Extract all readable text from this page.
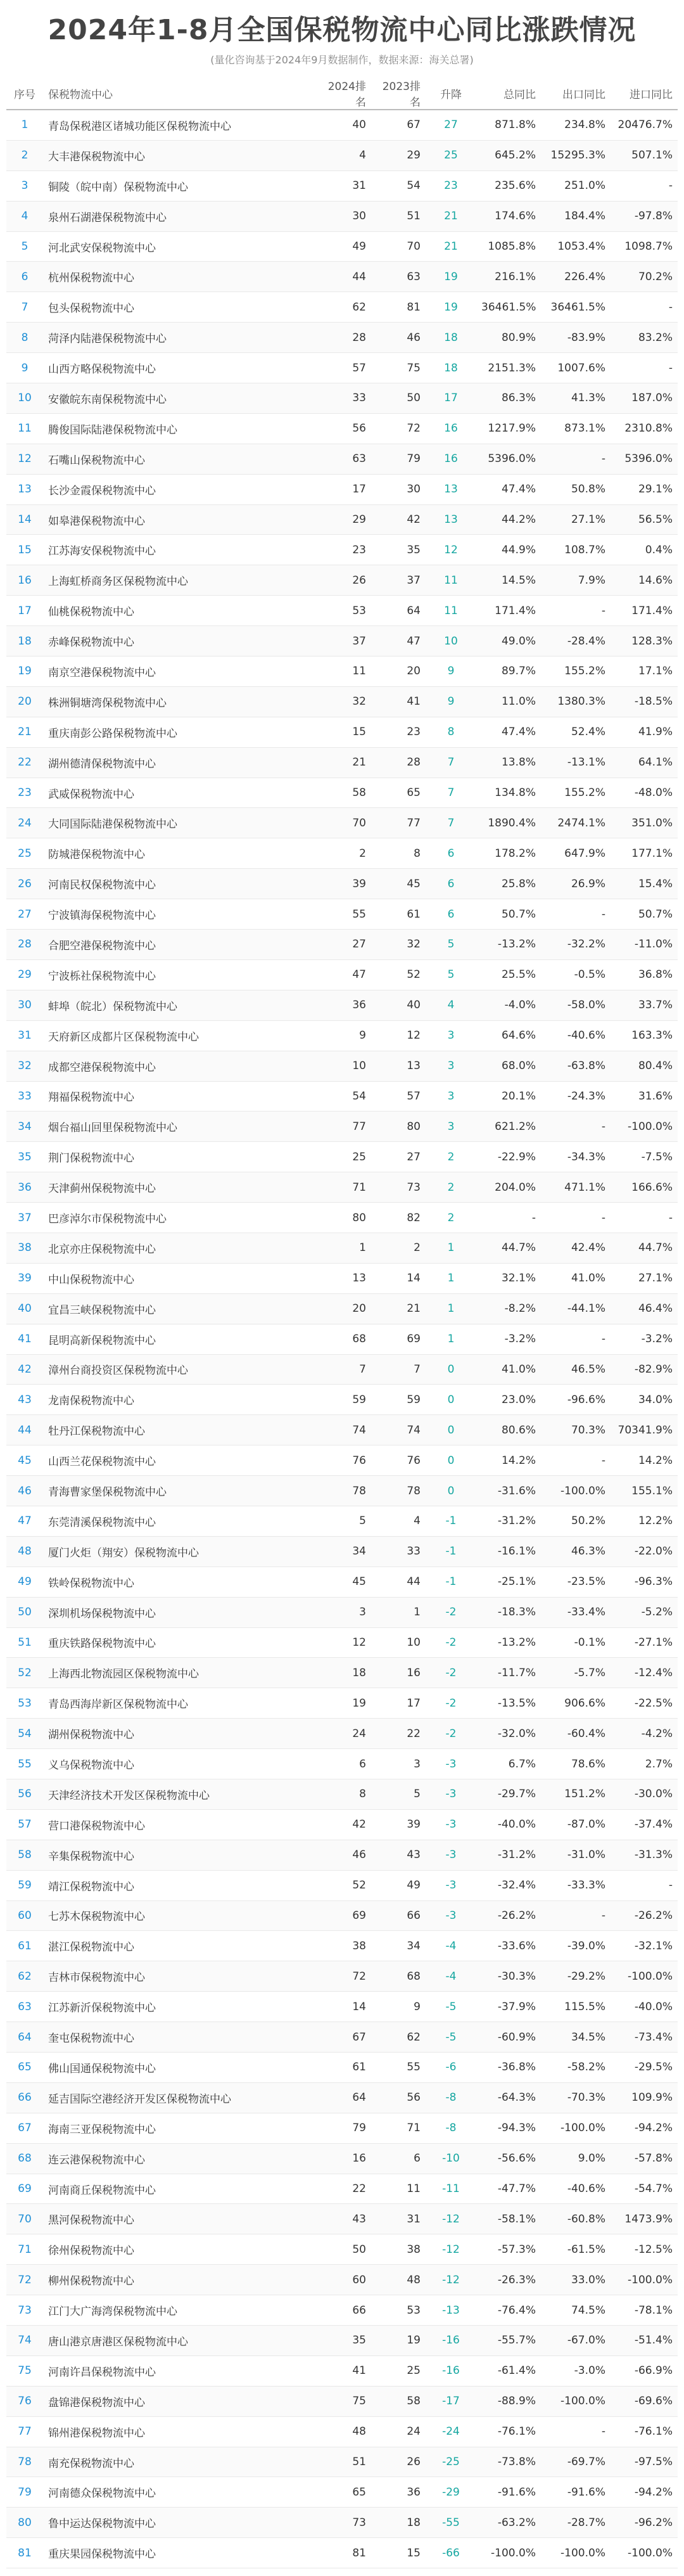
2024年1-8月全国保税物流中心同比涨跌情况
(量化咨询基于2024年9月数据制作，数据来源：海关总署)
序号	保税物流中心	2024排名	2023排名	升降	总同比	出口同比	进口同比
1	青岛保税港区诸城功能区保税物流中心	40	67	27	871.8%	234.8%	20476.7%
2	大丰港保税物流中心	4	29	25	645.2%	15295.3%	507.1%
3	铜陵（皖中南）保税物流中心	31	54	23	235.6%	251.0%	-
4	泉州石湖港保税物流中心	30	51	21	174.6%	184.4%	-97.8%
5	河北武安保税物流中心	49	70	21	1085.8%	1053.4%	1098.7%
6	杭州保税物流中心	44	63	19	216.1%	226.4%	70.2%
7	包头保税物流中心	62	81	19	36461.5%	36461.5%	-
8	菏泽内陆港保税物流中心	28	46	18	80.9%	-83.9%	83.2%
9	山西方略保税物流中心	57	75	18	2151.3%	1007.6%	-
10	安徽皖东南保税物流中心	33	50	17	86.3%	41.3%	187.0%
11	腾俊国际陆港保税物流中心	56	72	16	1217.9%	873.1%	2310.8%
12	石嘴山保税物流中心	63	79	16	5396.0%	-	5396.0%
13	长沙金霞保税物流中心	17	30	13	47.4%	50.8%	29.1%
14	如皋港保税物流中心	29	42	13	44.2%	27.1%	56.5%
15	江苏海安保税物流中心	23	35	12	44.9%	108.7%	0.4%
16	上海虹桥商务区保税物流中心	26	37	11	14.5%	7.9%	14.6%
17	仙桃保税物流中心	53	64	11	171.4%	-	171.4%
18	赤峰保税物流中心	37	47	10	49.0%	-28.4%	128.3%
19	南京空港保税物流中心	11	20	9	89.7%	155.2%	17.1%
20	株洲铜塘湾保税物流中心	32	41	9	11.0%	1380.3%	-18.5%
21	重庆南彭公路保税物流中心	15	23	8	47.4%	52.4%	41.9%
22	湖州德清保税物流中心	21	28	7	13.8%	-13.1%	64.1%
23	武威保税物流中心	58	65	7	134.8%	155.2%	-48.0%
24	大同国际陆港保税物流中心	70	77	7	1890.4%	2474.1%	351.0%
25	防城港保税物流中心	2	8	6	178.2%	647.9%	177.1%
26	河南民权保税物流中心	39	45	6	25.8%	26.9%	15.4%
27	宁波镇海保税物流中心	55	61	6	50.7%	-	50.7%
28	合肥空港保税物流中心	27	32	5	-13.2%	-32.2%	-11.0%
29	宁波栎社保税物流中心	47	52	5	25.5%	-0.5%	36.8%
30	蚌埠（皖北）保税物流中心	36	40	4	-4.0%	-58.0%	33.7%
31	天府新区成都片区保税物流中心	9	12	3	64.6%	-40.6%	163.3%
32	成都空港保税物流中心	10	13	3	68.0%	-63.8%	80.4%
33	翔福保税物流中心	54	57	3	20.1%	-24.3%	31.6%
34	烟台福山回里保税物流中心	77	80	3	621.2%	-	-100.0%
35	荆门保税物流中心	25	27	2	-22.9%	-34.3%	-7.5%
36	天津蓟州保税物流中心	71	73	2	204.0%	471.1%	166.6%
37	巴彦淖尔市保税物流中心	80	82	2	-	-	-
38	北京亦庄保税物流中心	1	2	1	44.7%	42.4%	44.7%
39	中山保税物流中心	13	14	1	32.1%	41.0%	27.1%
40	宜昌三峡保税物流中心	20	21	1	-8.2%	-44.1%	46.4%
41	昆明高新保税物流中心	68	69	1	-3.2%	-	-3.2%
42	漳州台商投资区保税物流中心	7	7	0	41.0%	46.5%	-82.9%
43	龙南保税物流中心	59	59	0	23.0%	-96.6%	34.0%
44	牡丹江保税物流中心	74	74	0	80.6%	70.3%	70341.9%
45	山西兰花保税物流中心	76	76	0	14.2%	-	14.2%
46	青海曹家堡保税物流中心	78	78	0	-31.6%	-100.0%	155.1%
47	东莞清溪保税物流中心	5	4	-1	-31.2%	50.2%	12.2%
48	厦门火炬（翔安）保税物流中心	34	33	-1	-16.1%	46.3%	-22.0%
49	铁岭保税物流中心	45	44	-1	-25.1%	-23.5%	-96.3%
50	深圳机场保税物流中心	3	1	-2	-18.3%	-33.4%	-5.2%
51	重庆铁路保税物流中心	12	10	-2	-13.2%	-0.1%	-27.1%
52	上海西北物流园区保税物流中心	18	16	-2	-11.7%	-5.7%	-12.4%
53	青岛西海岸新区保税物流中心	19	17	-2	-13.5%	906.6%	-22.5%
54	湖州保税物流中心	24	22	-2	-32.0%	-60.4%	-4.2%
55	义乌保税物流中心	6	3	-3	6.7%	78.6%	2.7%
56	天津经济技术开发区保税物流中心	8	5	-3	-29.7%	151.2%	-30.0%
57	营口港保税物流中心	42	39	-3	-40.0%	-87.0%	-37.4%
58	辛集保税物流中心	46	43	-3	-31.2%	-31.0%	-31.3%
59	靖江保税物流中心	52	49	-3	-32.4%	-33.3%	-
60	七苏木保税物流中心	69	66	-3	-26.2%	-	-26.2%
61	湛江保税物流中心	38	34	-4	-33.6%	-39.0%	-32.1%
62	吉林市保税物流中心	72	68	-4	-30.3%	-29.2%	-100.0%
63	江苏新沂保税物流中心	14	9	-5	-37.9%	115.5%	-40.0%
64	奎屯保税物流中心	67	62	-5	-60.9%	34.5%	-73.4%
65	佛山国通保税物流中心	61	55	-6	-36.8%	-58.2%	-29.5%
66	延吉国际空港经济开发区保税物流中心	64	56	-8	-64.3%	-70.3%	109.9%
67	海南三亚保税物流中心	79	71	-8	-94.3%	-100.0%	-94.2%
68	连云港保税物流中心	16	6	-10	-56.6%	9.0%	-57.8%
69	河南商丘保税物流中心	22	11	-11	-47.7%	-40.6%	-54.7%
70	黑河保税物流中心	43	31	-12	-58.1%	-60.8%	1473.9%
71	徐州保税物流中心	50	38	-12	-57.3%	-61.5%	-12.5%
72	柳州保税物流中心	60	48	-12	-26.3%	33.0%	-100.0%
73	江门大广海湾保税物流中心	66	53	-13	-76.4%	74.5%	-78.1%
74	唐山港京唐港区保税物流中心	35	19	-16	-55.7%	-67.0%	-51.4%
75	河南许昌保税物流中心	41	25	-16	-61.4%	-3.0%	-66.9%
76	盘锦港保税物流中心	75	58	-17	-88.9%	-100.0%	-69.6%
77	锦州港保税物流中心	48	24	-24	-76.1%	-	-76.1%
78	南充保税物流中心	51	26	-25	-73.8%	-69.7%	-97.5%
79	河南德众保税物流中心	65	36	-29	-91.6%	-91.6%	-94.2%
80	鲁中运达保税物流中心	73	18	-55	-63.2%	-28.7%	-96.2%
81	重庆果园保税物流中心	81	15	-66	-100.0%	-100.0%	-100.0%
